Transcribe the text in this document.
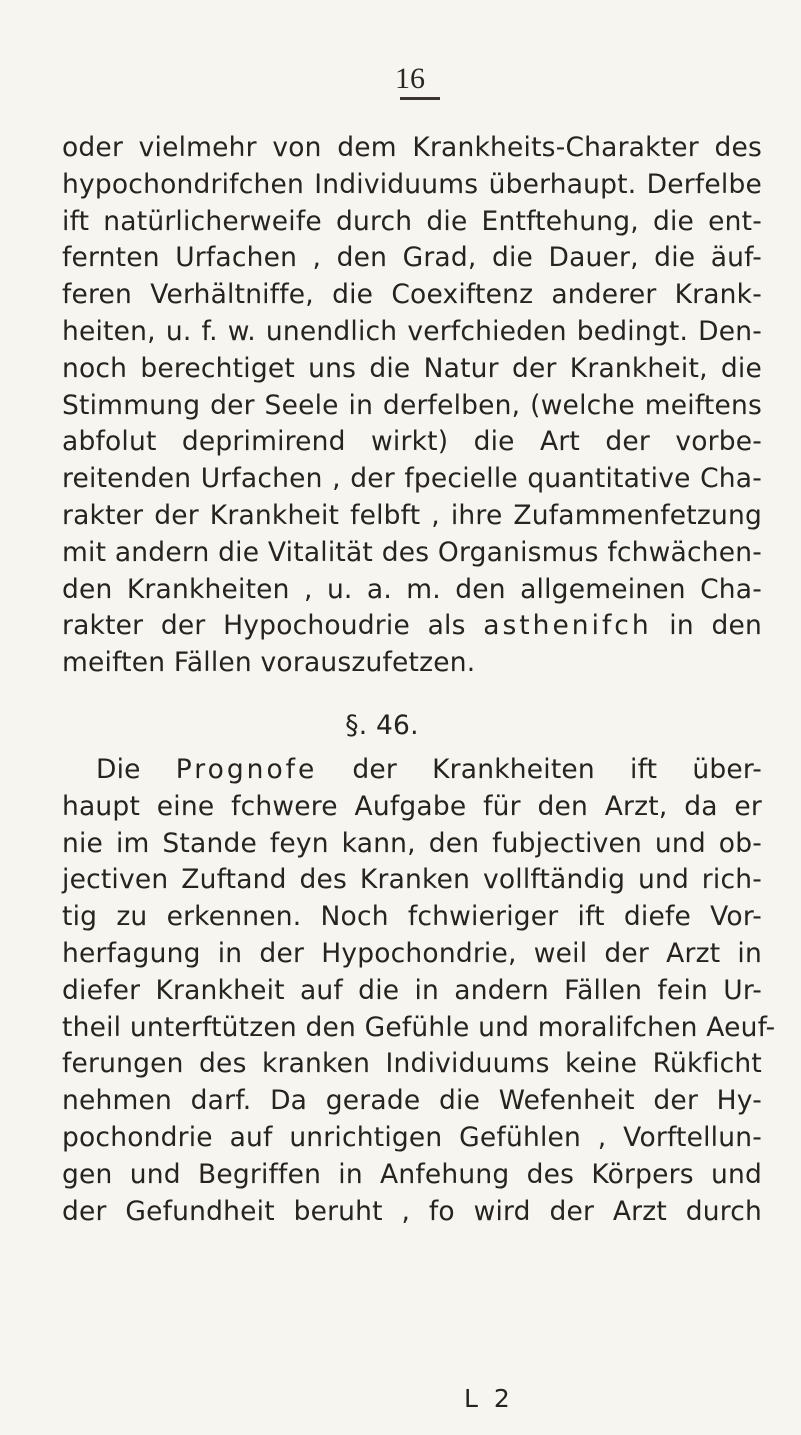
16
oder vielmehr von dem Krankheits-Charakter des
hypochondrifchen Individuums überhaupt. Derfelbe
ift natürlicherweife durch die Entftehung, die ent-
fernten Urfachen , den Grad, die Dauer, die äuf-
feren Verhältniffe, die Coexiftenz anderer Krank-
heiten, u. f. w. unendlich verfchieden bedingt. Den-
noch berechtiget uns die Natur der Krankheit, die
Stimmung der Seele in derfelben, (welche meiftens
abfolut deprimirend wirkt) die Art der vorbe-
reitenden Urfachen , der fpecielle quantitative Cha-
rakter der Krankheit felbft , ihre Zufammenfetzung
mit andern die Vitalität des Organismus fchwächen-
den Krankheiten , u. a. m. den allgemeinen Cha-
rakter der Hypochoudrie als asthenifch in den
meiften Fällen vorauszufetzen.
§. 46.
Die Prognofe der Krankheiten ift über-
haupt eine fchwere Aufgabe für den Arzt, da er
nie im Stande feyn kann, den fubjectiven und ob-
jectiven Zuftand des Kranken vollftändig und rich-
tig zu erkennen. Noch fchwieriger ift diefe Vor-
herfagung in der Hypochondrie, weil der Arzt in
diefer Krankheit auf die in andern Fällen fein Ur-
theil unterftützen den Gefühle und moralifchen Aeuf-
ferungen des kranken Individuums keine Rükficht
nehmen darf. Da gerade die Wefenheit der Hy-
pochondrie auf unrichtigen Gefühlen , Vorftellun-
gen und Begriffen in Anfehung des Körpers und
der Gefundheit beruht , fo wird der Arzt durch
L 2
